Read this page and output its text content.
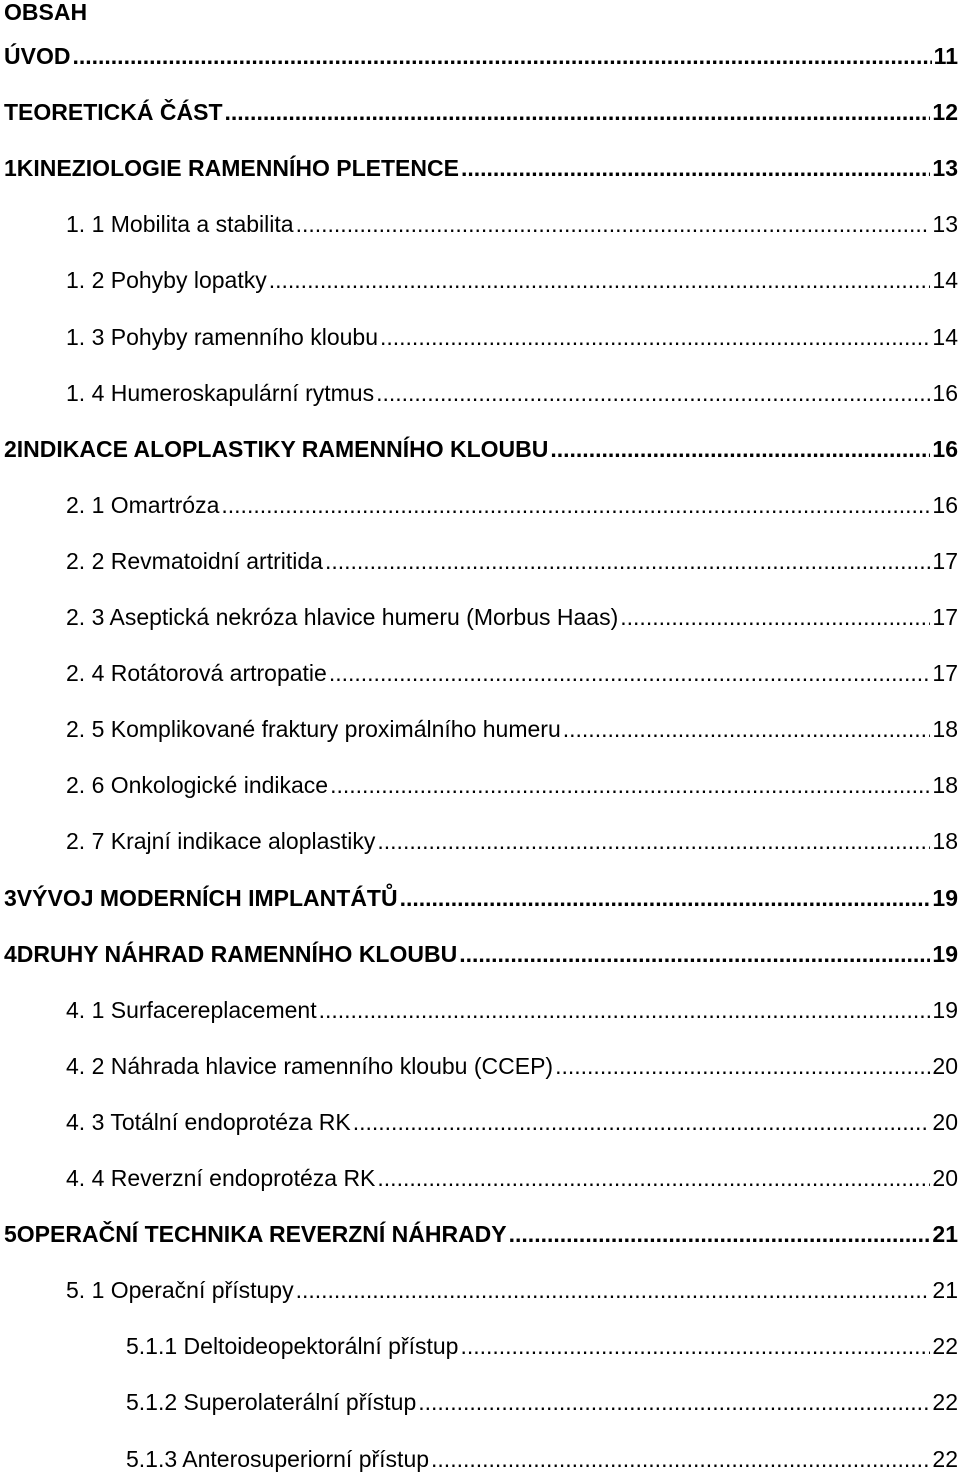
OBSAH
ÚVOD .....	11
TEORETICKÁ ČÁST .....	12
1 KINEZIOLOGIE RAMENNÍHO PLETENCE .....	13
1. 1 Mobilita a stabilita .....	13
1. 2 Pohyby lopatky .....	14
1. 3 Pohyby ramenního kloubu .....	14
1. 4 Humeroskapulární rytmus .....	16
2 INDIKACE ALOPLASTIKY RAMENNÍHO KLOUBU .....	16
2. 1 Omartróza .....	16
2. 2 Revmatoidní artritida .....	17
2. 3 Aseptická nekróza hlavice humeru (Morbus Haas) .....	17
2. 4 Rotátorová artropatie .....	17
2. 5 Komplikované fraktury proximálního humeru .....	18
2. 6 Onkologické indikace .....	18
2. 7 Krajní indikace aloplastiky .....	18
3 VÝVOJ MODERNÍCH IMPLANTÁTŮ .....	19
4 DRUHY NÁHRAD RAMENNÍHO KLOUBU .....	19
4. 1 Surfacereplacement .....	19
4. 2 Náhrada hlavice ramenního kloubu (CCEP) .....	20
4. 3 Totální endoprotéza RK .....	20
4. 4 Reverzní endoprotéza RK .....	20
5 OPERAČNÍ TECHNIKA REVERZNÍ NÁHRADY .....	21
5. 1 Operační přístupy .....	21
5.1.1 Deltoideopektorální přístup .....	22
5.1.2 Superolaterální přístup .....	22
5.1.3 Anterosuperiorní přístup .....	22
